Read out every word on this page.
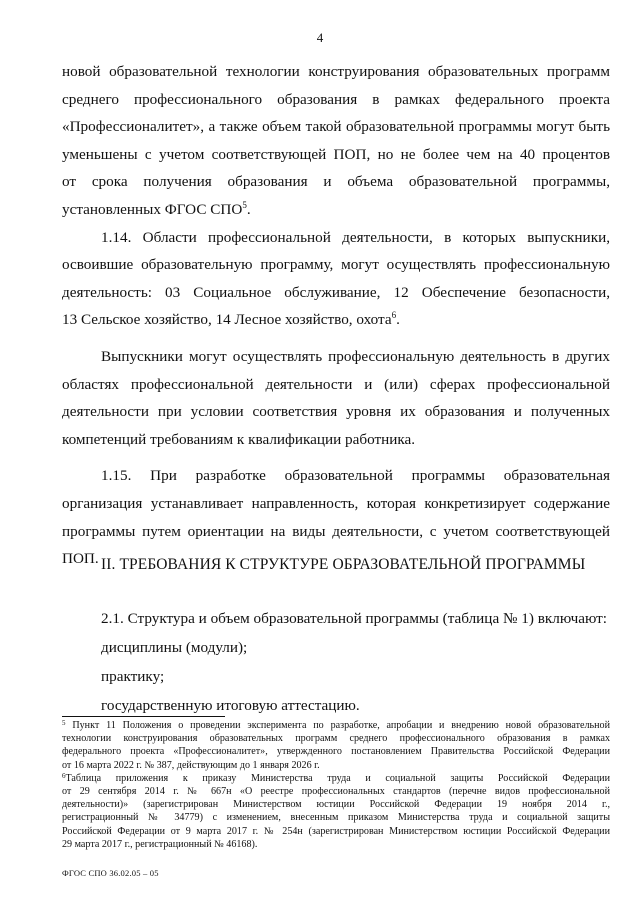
4
новой образовательной технологии конструирования образовательных программ
среднего профессионального образования в рамках федерального проекта
«Профессионалитет», а также объем такой образовательной программы могут быть
уменьшены с учетом соответствующей ПОП, но не более чем на 40 процентов
от срока получения образования и объема образовательной программы,
установленных ФГОС СПО$^5$.
1.14. Области профессиональной деятельности, в которых выпускники,
освоившие образовательную программу, могут осуществлять профессиональную
деятельность: 03 Социальное обслуживание, 12 Обеспечение безопасности,
13 Сельское хозяйство, 14 Лесное хозяйство, охота$^6$.
Выпускники могут осуществлять профессиональную деятельность в других
областях профессиональной деятельности и (или) сферах профессиональной
деятельности при условии соответствия уровня их образования и полученных
компетенций требованиям к квалификации работника.
1.15. При разработке образовательной программы образовательная
организация устанавливает направленность, которая конкретизирует содержание
программы путем ориентации на виды деятельности, с учетом соответствующей
ПОП. II. ТРЕБОВАНИЯ К СТРУКТУРЕ ОБРАЗОВАТЕЛЬНОЙ ПРОГРАММЫ
2.1. Структура и объем образовательной программы (таблица № 1) включают:
дисциплины (модули);
практику;
государственную итоговую аттестацию.
$^5$ Пункт 11 Положения о проведении эксперимента по разработке, апробации и внедрению новой образовательной
технологии конструирования образовательных программ среднего профессионального образования в рамках
федерального проекта «Профессионалитет», утвержденного постановлением Правительства Российской Федерации
от 16 марта 2022 г. № 387, действующим до 1 января 2026 г.
$^6$Таблица приложения к приказу Министерства труда и социальной защиты Российской Федерации
от 29 сентября 2014 г. № 667н «О реестре профессиональных стандартов (перечне видов профессиональной
деятельности)» (зарегистрирован Министерством юстиции Российской Федерации 19 ноября 2014 г.,
регистрационный № 34779) с изменением, внесенным приказом Министерства труда и социальной защиты
Российской Федерации от 9 марта 2017 г. № 254н (зарегистрирован Министерством юстиции Российской Федерации
29 марта 2017 г., регистрационный № 46168).
ФГОС СПО 36.02.05 – 05
